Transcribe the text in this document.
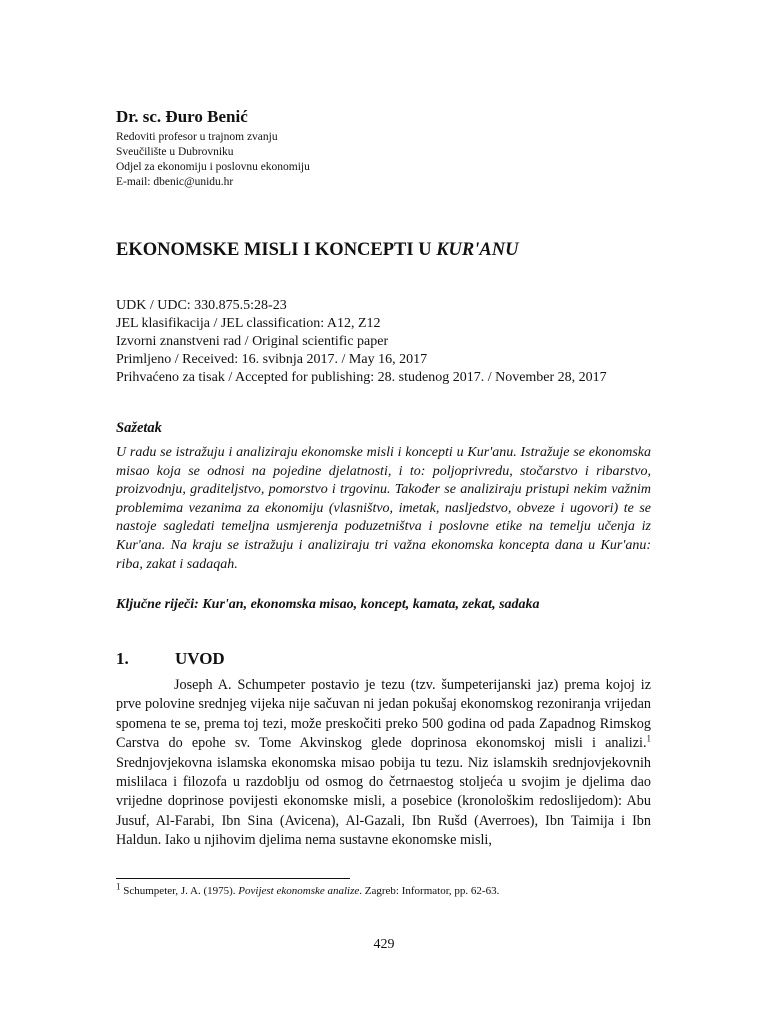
Dr. sc. Đuro Benić
Redoviti profesor u trajnom zvanju
Sveučilište u Dubrovniku
Odjel za ekonomiju i poslovnu ekonomiju
E-mail: dbenic@unidu.hr
EKONOMSKE MISLI I KONCEPTI U KUR'ANU
UDK / UDC: 330.875.5:28-23
JEL klasifikacija / JEL classification: A12, Z12
Izvorni znanstveni rad / Original scientific paper
Primljeno / Received: 16. svibnja 2017. / May 16, 2017
Prihvaćeno za tisak / Accepted for publishing: 28. studenog 2017. / November 28, 2017
Sažetak
U radu se istražuju i analiziraju ekonomske misli i koncepti u Kur'anu. Istražuje se ekonomska misao koja se odnosi na pojedine djelatnosti, i to: poljoprivredu, stočarstvo i ribarstvo, proizvodnju, graditeljstvo, pomorstvo i trgovinu. Također se analiziraju pristupi nekim važnim problemima vezanima za ekonomiju (vlasništvo, imetak, nasljedstvo, obveze i ugovori) te se nastoje sagledati temeljna usmjerenja poduzetništva i poslovne etike na temelju učenja iz Kur'ana. Na kraju se istražuju i analiziraju tri važna ekonomska koncepta dana u Kur'anu: riba, zakat i sadaqah.
Ključne riječi: Kur'an, ekonomska misao, koncept, kamata, zekat, sadaka
1.	UVOD
Joseph A. Schumpeter postavio je tezu (tzv. šumpeterijanski jaz) prema kojoj iz prve polovine srednjeg vijeka nije sačuvan ni jedan pokušaj ekonomskog rezoniranja vrijedan spomena te se, prema toj tezi, može preskočiti preko 500 godina od pada Zapadnog Rimskog Carstva do epohe sv. Tome Akvinskog glede doprinosa ekonomskoj misli i analizi.$^1$ Srednjovjekovna islamska ekonomska misao pobija tu tezu. Niz islamskih srednjovjekovnih mislilaca i filozofa u razdoblju od osmog do četrnaestog stoljeća u svojim je djelima dao vrijedne doprinose povijesti ekonomske misli, a posebice (kronološkim redoslijedom): Abu Jusuf, Al-Farabi, Ibn Sina (Avicena), Al-Gazali, Ibn Rušd (Averroes), Ibn Taimija i Ibn Haldun. Iako u njihovim djelima nema sustavne ekonomske misli,
$^1$ Schumpeter, J. A. (1975). Povijest ekonomske analize. Zagreb: Informator, pp. 62-63.
429
